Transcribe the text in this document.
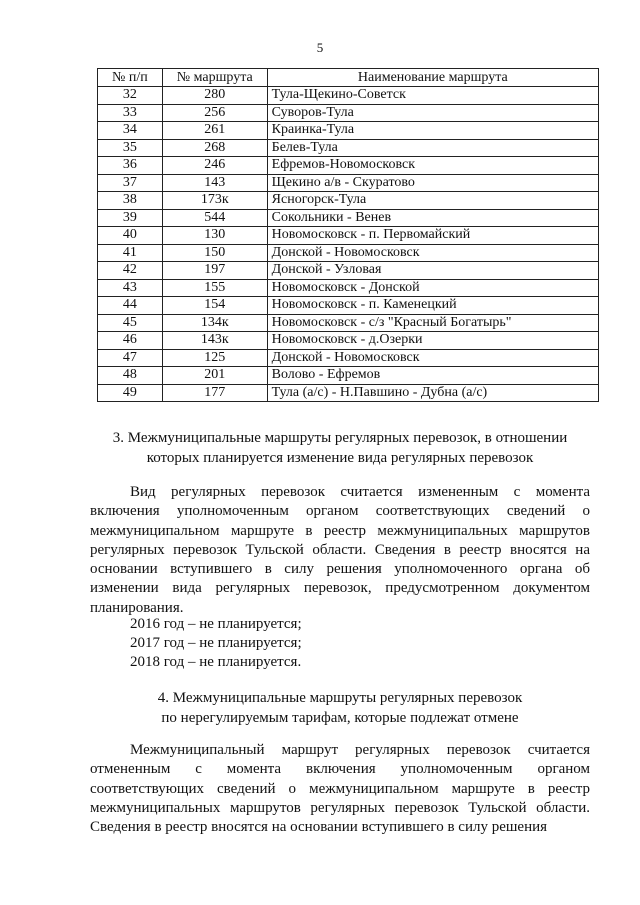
5
№ п/п	№ маршрута	Наименование маршрута
32	280	Тула-Щекино-Советск
33	256	Суворов-Тула
34	261	Краинка-Тула
35	268	Белев-Тула
36	246	Ефремов-Новомосковск
37	143	Щекино а/в - Скуратово
38	173к	Ясногорск-Тула
39	544	Сокольники - Венев
40	130	Новомосковск - п. Первомайский
41	150	Донской - Новомосковск
42	197	Донской - Узловая
43	155	Новомосковск - Донской
44	154	Новомосковск - п. Каменецкий
45	134к	Новомосковск - с/з "Красный Богатырь"
46	143к	Новомосковск - д.Озерки
47	125	Донской - Новомосковск
48	201	Волово - Ефремов
49	177	Тула (а/с) - Н.Павшино - Дубна (а/с)
3. Межмуниципальные маршруты регулярных перевозок, в отношении
которых планируется изменение вида регулярных перевозок
Вид регулярных перевозок считается измененным с момента включения уполномоченным органом соответствующих сведений о межмуниципальном маршруте в реестр межмуниципальных маршрутов регулярных перевозок Тульской области. Сведения в реестр вносятся на основании вступившего в силу решения уполномоченного органа об изменении вида регулярных перевозок, предусмотренном документом планирования.
2016 год – не планируется;
2017 год – не планируется;
2018 год – не планируется.
4. Межмуниципальные маршруты регулярных перевозок
по нерегулируемым тарифам, которые подлежат отмене
Межмуниципальный маршрут регулярных перевозок считается отмененным с момента включения уполномоченным органом соответствующих сведений о межмуниципальном маршруте в реестр межмуниципальных маршрутов регулярных перевозок Тульской области. Сведения в реестр вносятся на основании вступившего в силу решения
